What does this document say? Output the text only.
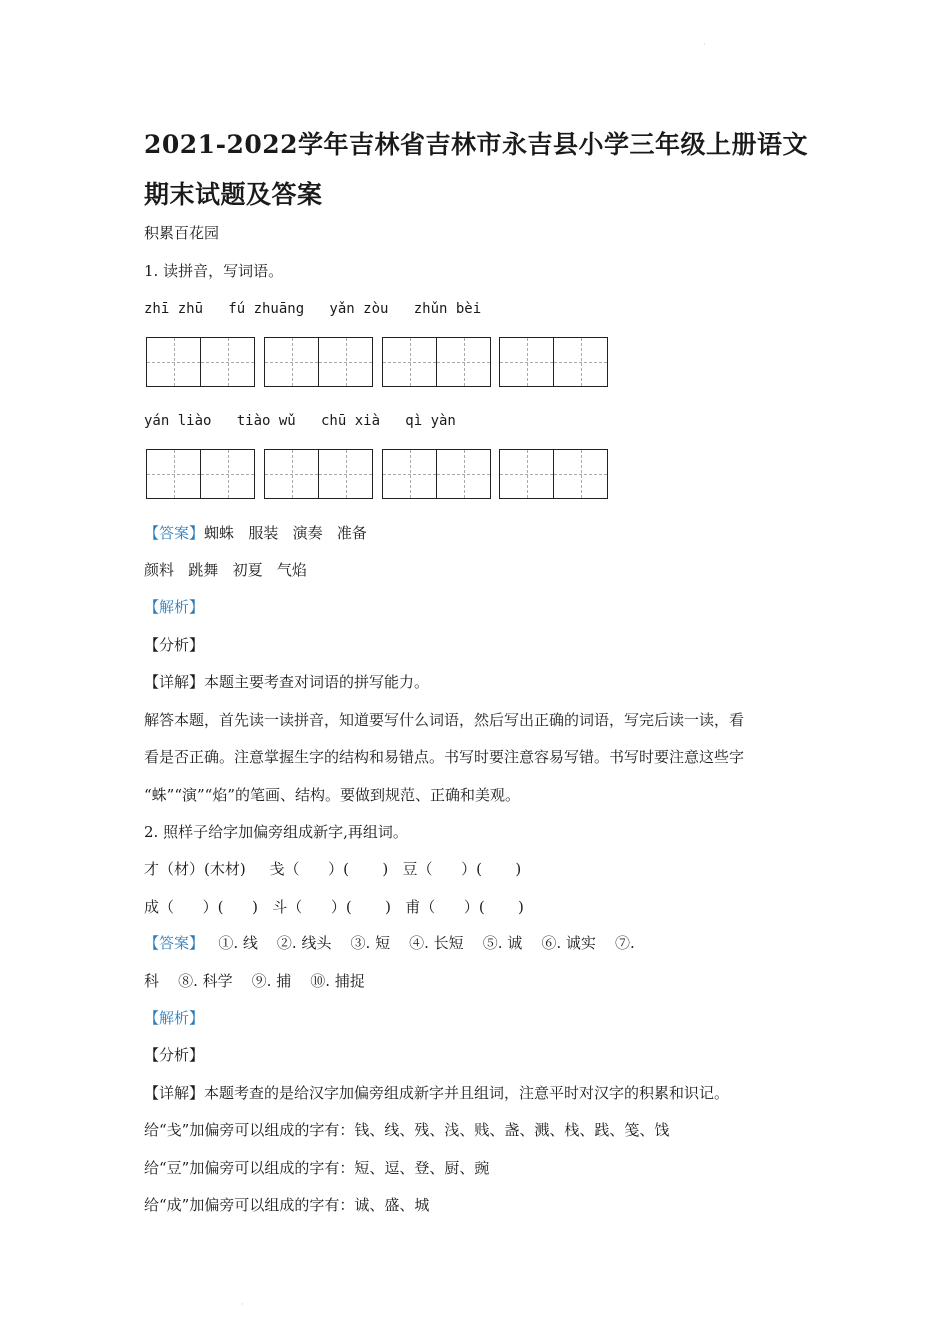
·
2021-2022学年吉林省吉林市永吉县小学三年级上册语文期末试题及答案
积累百花园
1. 读拼音，写词语。
zhī zhū   fú zhuāng   yǎn zòu   zhǔn bèi
yán liào   tiào wǔ   chū xià   qì yàn
【答案】蜘蛛   服装   演奏   准备
颜料   跳舞   初夏   气焰
【解析】
【分析】
【详解】本题主要考查对词语的拼写能力。
解答本题，首先读一读拼音，知道要写什么词语，然后写出正确的词语，写完后读一读，看
看是否正确。注意掌握生字的结构和易错点。书写时要注意容易写错。书写时要注意这些字
“蛛”“演”“焰”的笔画、结构。要做到规范、正确和美观。
2. 照样子给字加偏旁组成新字,再组词。
才（材）(木材)     戋（      ）(       )   豆（      ）(       )
成（      ）(      )   斗（      ）(       )   甫（      ）(       )
【答案】   ①. 线    ②. 线头    ③. 短    ④. 长短    ⑤. 诚    ⑥. 诚实    ⑦.
科    ⑧. 科学    ⑨. 捕    ⑩. 捕捉
【解析】
【分析】
【详解】本题考查的是给汉字加偏旁组成新字并且组词，注意平时对汉字的积累和识记。
给“戋”加偏旁可以组成的字有：钱、线、残、浅、贱、盏、溅、栈、践、笺、饯
给“豆”加偏旁可以组成的字有：短、逗、登、厨、豌
给“成”加偏旁可以组成的字有：诚、盛、城
·
